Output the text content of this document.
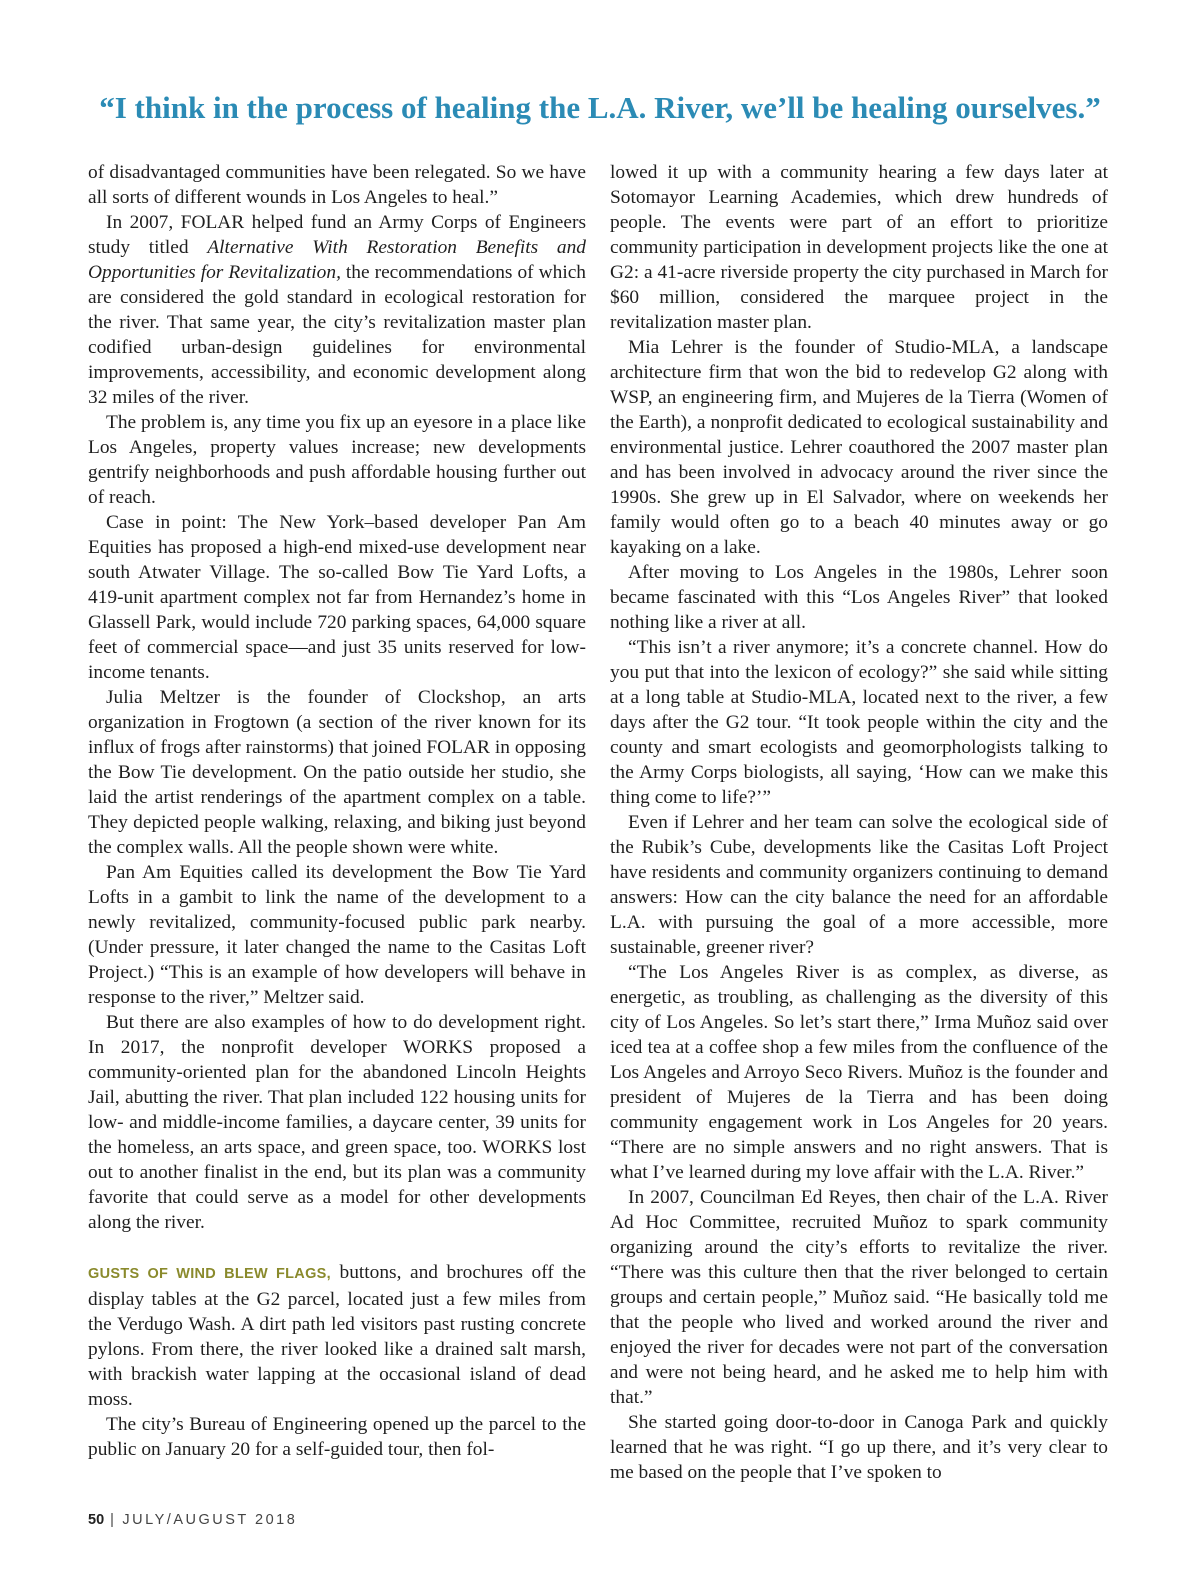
“I think in the process of healing the L.A. River, we’ll be healing ourselves.”

of disadvantaged communities have been relegated. So we have all sorts of different wounds in Los Angeles to heal.”

In 2007, FOLAR helped fund an Army Corps of Engineers study titled Alternative With Restoration Benefits and Opportunities for Revitalization, the recommendations of which are considered the gold standard in ecological restoration for the river. That same year, the city’s revitalization master plan codified urban-design guidelines for environmental improvements, accessibility, and economic development along 32 miles of the river.

The problem is, any time you fix up an eyesore in a place like Los Angeles, property values increase; new developments gentrify neighborhoods and push affordable housing further out of reach.

Case in point: The New York–based developer Pan Am Equities has proposed a high-end mixed-use development near south Atwater Village. The so-called Bow Tie Yard Lofts, a 419-unit apartment complex not far from Hernandez’s home in Glassell Park, would include 720 parking spaces, 64,000 square feet of commercial space—and just 35 units reserved for low-income tenants.

Julia Meltzer is the founder of Clockshop, an arts organization in Frogtown (a section of the river known for its influx of frogs after rainstorms) that joined FOLAR in opposing the Bow Tie development. On the patio outside her studio, she laid the artist renderings of the apartment complex on a table. They depicted people walking, relaxing, and biking just beyond the complex walls. All the people shown were white.

Pan Am Equities called its development the Bow Tie Yard Lofts in a gambit to link the name of the development to a newly revitalized, community-focused public park nearby. (Under pressure, it later changed the name to the Casitas Loft Project.) “This is an example of how developers will behave in response to the river,” Meltzer said.

But there are also examples of how to do development right. In 2017, the nonprofit developer WORKS proposed a community-oriented plan for the abandoned Lincoln Heights Jail, abutting the river. That plan included 122 housing units for low- and middle-income families, a daycare center, 39 units for the homeless, an arts space, and green space, too. WORKS lost out to another finalist in the end, but its plan was a community favorite that could serve as a model for other developments along the river.

GUSTS OF WIND BLEW FLAGS, buttons, and brochures off the display tables at the G2 parcel, located just a few miles from the Verdugo Wash. A dirt path led visitors past rusting concrete pylons. From there, the river looked like a drained salt marsh, with brackish water lapping at the occasional island of dead moss.

The city’s Bureau of Engineering opened up the parcel to the public on January 20 for a self-guided tour, then fol-

lowed it up with a community hearing a few days later at Sotomayor Learning Academies, which drew hundreds of people. The events were part of an effort to prioritize community participation in development projects like the one at G2: a 41-acre riverside property the city purchased in March for $60 million, considered the marquee project in the revitalization master plan.

Mia Lehrer is the founder of Studio-MLA, a landscape architecture firm that won the bid to redevelop G2 along with WSP, an engineering firm, and Mujeres de la Tierra (Women of the Earth), a nonprofit dedicated to ecological sustainability and environmental justice. Lehrer coauthored the 2007 master plan and has been involved in advocacy around the river since the 1990s. She grew up in El Salvador, where on weekends her family would often go to a beach 40 minutes away or go kayaking on a lake.

After moving to Los Angeles in the 1980s, Lehrer soon became fascinated with this “Los Angeles River” that looked nothing like a river at all.

“This isn’t a river anymore; it’s a concrete channel. How do you put that into the lexicon of ecology?” she said while sitting at a long table at Studio-MLA, located next to the river, a few days after the G2 tour. “It took people within the city and the county and smart ecologists and geomorphologists talking to the Army Corps biologists, all saying, ‘How can we make this thing come to life?’”

Even if Lehrer and her team can solve the ecological side of the Rubik’s Cube, developments like the Casitas Loft Project have residents and community organizers continuing to demand answers: How can the city balance the need for an affordable L.A. with pursuing the goal of a more accessible, more sustainable, greener river?

“The Los Angeles River is as complex, as diverse, as energetic, as troubling, as challenging as the diversity of this city of Los Angeles. So let’s start there,” Irma Muñoz said over iced tea at a coffee shop a few miles from the confluence of the Los Angeles and Arroyo Seco Rivers. Muñoz is the founder and president of Mujeres de la Tierra and has been doing community engagement work in Los Angeles for 20 years. “There are no simple answers and no right answers. That is what I’ve learned during my love affair with the L.A. River.”

In 2007, Councilman Ed Reyes, then chair of the L.A. River Ad Hoc Committee, recruited Muñoz to spark community organizing around the city’s efforts to revitalize the river. “There was this culture then that the river belonged to certain groups and certain people,” Muñoz said. “He basically told me that the people who lived and worked around the river and enjoyed the river for decades were not part of the conversation and were not being heard, and he asked me to help him with that.”

She started going door-to-door in Canoga Park and quickly learned that he was right. “I go up there, and it’s very clear to me based on the people that I’ve spoken to

50 | JULY/AUGUST 2018
